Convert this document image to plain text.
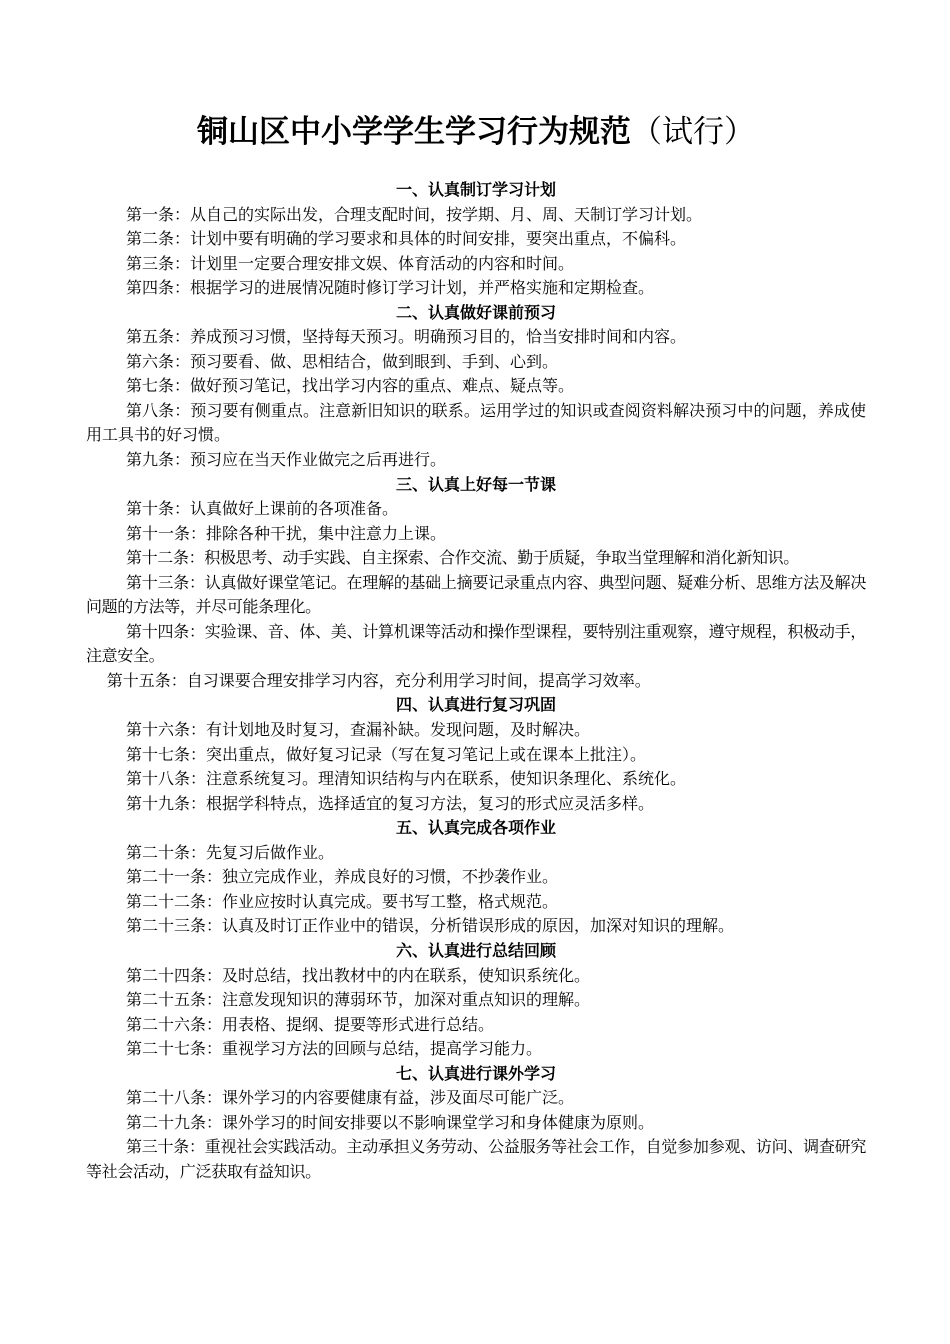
铜山区中小学学生学习行为规范（试行）

一、认真制订学习计划

第一条：从自己的实际出发，合理支配时间，按学期、月、周、天制订学习计划。

第二条：计划中要有明确的学习要求和具体的时间安排，要突出重点，不偏科。

第三条：计划里一定要合理安排文娱、体育活动的内容和时间。

第四条：根据学习的进展情况随时修订学习计划，并严格实施和定期检查。

二、认真做好课前预习

第五条：养成预习习惯，坚持每天预习。明确预习目的，恰当安排时间和内容。

第六条：预习要看、做、思相结合，做到眼到、手到、心到。

第七条：做好预习笔记，找出学习内容的重点、难点、疑点等。

第八条：预习要有侧重点。注意新旧知识的联系。运用学过的知识或查阅资料解决预习中的问题，养成使用工具书的好习惯。

第九条：预习应在当天作业做完之后再进行。

三、认真上好每一节课

第十条：认真做好上课前的各项准备。

第十一条：排除各种干扰，集中注意力上课。

第十二条：积极思考、动手实践、自主探索、合作交流、勤于质疑，争取当堂理解和消化新知识。

第十三条：认真做好课堂笔记。在理解的基础上摘要记录重点内容、典型问题、疑难分析、思维方法及解决问题的方法等，并尽可能条理化。

第十四条：实验课、音、体、美、计算机课等活动和操作型课程，要特别注重观察，遵守规程，积极动手，注意安全。

第十五条：自习课要合理安排学习内容，充分利用学习时间，提高学习效率。

四、认真进行复习巩固

第十六条：有计划地及时复习，查漏补缺。发现问题，及时解决。

第十七条：突出重点，做好复习记录（写在复习笔记上或在课本上批注）。

第十八条：注意系统复习。理清知识结构与内在联系，使知识条理化、系统化。

第十九条：根据学科特点，选择适宜的复习方法，复习的形式应灵活多样。

五、认真完成各项作业

第二十条：先复习后做作业。

第二十一条：独立完成作业，养成良好的习惯，不抄袭作业。

第二十二条：作业应按时认真完成。要书写工整，格式规范。

第二十三条：认真及时订正作业中的错误，分析错误形成的原因，加深对知识的理解。

六、认真进行总结回顾

第二十四条：及时总结，找出教材中的内在联系，使知识系统化。

第二十五条：注意发现知识的薄弱环节，加深对重点知识的理解。

第二十六条：用表格、提纲、提要等形式进行总结。

第二十七条：重视学习方法的回顾与总结，提高学习能力。

七、认真进行课外学习

第二十八条：课外学习的内容要健康有益，涉及面尽可能广泛。

第二十九条：课外学习的时间安排要以不影响课堂学习和身体健康为原则。

第三十条：重视社会实践活动。主动承担义务劳动、公益服务等社会工作，自觉参加参观、访问、调查研究等社会活动，广泛获取有益知识。
